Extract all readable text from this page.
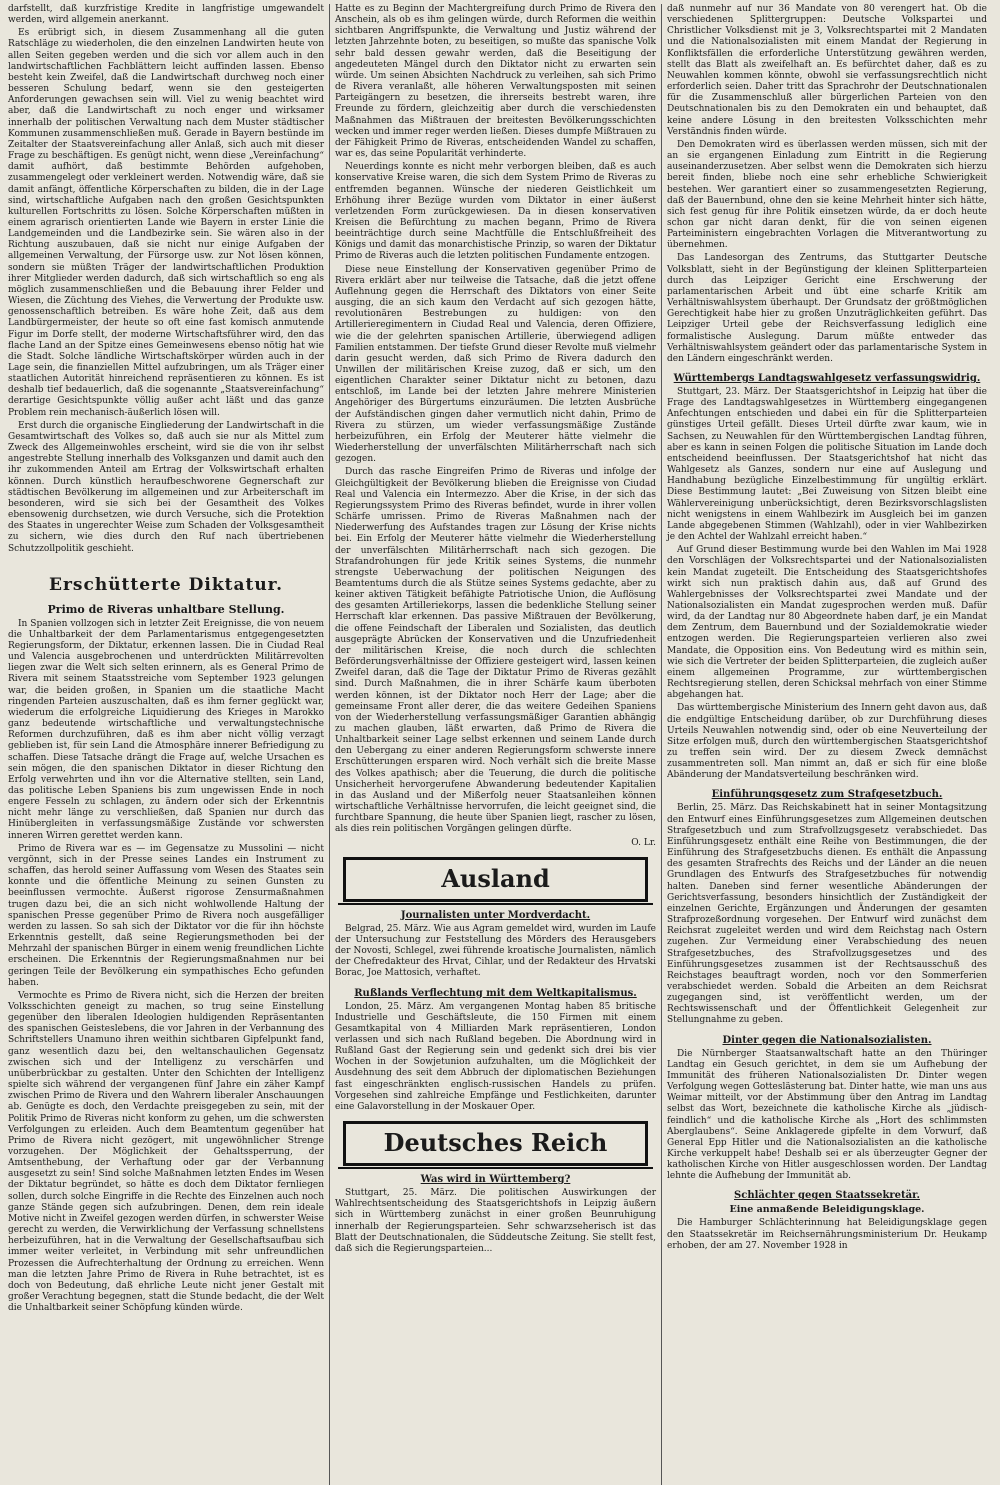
darfstellt, daß kurzfristige Kredite in langfristige umgewandelt werden, wird allgemein anerkannt.

Es erübrigt sich, in diesem Zusammenhang all die guten Ratschläge zu wiederholen, die den einzelnen Landwirten heute von allen Seiten gegeben werden und die sich vor allem auch in den landwirtschaftlichen Fachblättern leicht auffinden lassen. Ebenso besteht kein Zweifel, daß die Landwirtschaft durchweg noch einer besseren Schulung bedarf, wenn sie den gesteigerten Anforderungen gewachsen sein will. Viel zu wenig beachtet wird aber, daß die Landwirtschaft zu noch enger und wirksamer innerhalb der politischen Verwaltung nach dem Muster städtischer Kommunen zusammenschließen muß. Gerade in Bayern bestünde im Zeitalter der Staatsvereinfachung aller Anlaß, sich auch mit dieser Frage zu beschäftigen. Es genügt nicht, wenn diese „Vereinfachung“ damit aufhört, daß bestimmte Behörden aufgehoben, zusammengelegt oder verkleinert werden. Notwendig wäre, daß sie damit anfängt, öffentliche Körperschaften zu bilden, die in der Lage sind, wirtschaftliche Aufgaben nach den großen Gesichtspunkten kulturellen Fortschritts zu lösen. Solche Körperschaften müßten in einem agrarisch orientierten Lande wie Bayern in erster Linie die Landgemeinden und die Landbezirke sein. Sie wären also in der Richtung auszubauen, daß sie nicht nur einige Aufgaben der allgemeinen Verwaltung, der Fürsorge usw. zur Not lösen können, sondern sie müßten Träger der landwirtschaftlichen Produktion ihrer Mitglieder werden dadurch, daß sich wirtschaftlich so eng als möglich zusammenschließen und die Bebauung ihrer Felder und Wiesen, die Züchtung des Viehes, die Verwertung der Produkte usw. genossenschaftlich betreiben. Es wäre hohe Zeit, daß aus dem Landbürgermeister, der heute so oft eine fast komisch anmutende Figur im Dorfe stellt, der moderne Wirtschaftsführer wird, den das flache Land an der Spitze eines Gemeinwesens ebenso nötig hat wie die Stadt. Solche ländliche Wirtschaftskörper würden auch in der Lage sein, die finanziellen Mittel aufzubringen, um als Träger einer staatlichen Autorität hinreichend repräsentieren zu können. Es ist deshalb tief bedauerlich, daß die sogenannte „Staatsvereinfachung“ derartige Gesichtspunkte völlig außer acht läßt und das ganze Problem rein mechanisch-äußerlich lösen will.

Erst durch die organische Eingliederung der Landwirtschaft in die Gesamtwirtschaft des Volkes so, daß auch sie nur als Mittel zum Zweck des Allgemeinwohles erscheint, wird sie die von ihr selbst angestrebte Stellung innerhalb des Volksganzen und damit auch den ihr zukommenden Anteil am Ertrag der Volkswirtschaft erhalten können. Durch künstlich heraufbeschworene Gegnerschaft zur städtischen Bevölkerung im allgemeinen und zur Arbeiterschaft im besonderen, wird sie sich bei der Gesamtheit des Volkes ebensowenig durchsetzen, wie durch Versuche, sich die Protektion des Staates in ungerechter Weise zum Schaden der Volksgesamtheit zu sichern, wie dies durch den Ruf nach übertriebenen Schutzzollpolitik geschieht.

Erschütterte Diktatur.
Primo de Riveras unhaltbare Stellung.

In Spanien vollzogen sich in letzter Zeit Ereignisse, die von neuem die Unhaltbarkeit der dem Parlamentarismus entgegengesetzten Regierungsform, der Diktatur, erkennen lassen. Die in Ciudad Real und Valencia ausgebrochenen und unterdrückten Militärrevolten liegen zwar die Welt sich selten erinnern, als es General Primo de Rivera mit seinem Staatsstreiche vom September 1923 gelungen war, die beiden großen, in Spanien um die staatliche Macht ringenden Parteien auszuschalten, daß es ihm ferner geglückt war, wiederum die erfolgreiche Liquidierung des Krieges in Marokko ganz bedeutende wirtschaftliche und verwaltungstechnische Reformen durchzuführen, daß es ihm aber nicht völlig verzagt geblieben ist, für sein Land die Atmosphäre innerer Befriedigung zu schaffen. Diese Tatsache drängt die Frage auf, welche Ursachen es sein mögen, die den spanischen Diktator in dieser Richtung den Erfolg verwehrten und ihn vor die Alternative stellten, sein Land, das politische Leben Spaniens bis zum ungewissen Ende in noch engere Fesseln zu schlagen, zu ändern oder sich der Erkenntnis nicht mehr länge zu verschließen, daß Spanien nur durch das Hinübergleiten in verfassungsmäßige Zustände vor schwersten inneren Wirren gerettet werden kann.

Primo de Rivera war es — im Gegensatze zu Mussolini — nicht vergönnt, sich in der Presse seines Landes ein Instrument zu schaffen, das herold seiner Auffassung vom Wesen des Staates sein konnte und die öffentliche Meinung zu seinen Gunsten zu beeinflussen vermochte. Äußerst rigorose Zensurmaßnahmen trugen dazu bei, die an sich nicht wohlwollende Haltung der spanischen Presse gegenüber Primo de Rivera noch ausgefälliger werden zu lassen. So sah sich der Diktator vor die für ihn höchste Erkenntnis gestellt, daß seine Regierungsmethoden bei der Mehrzahl der spanischen Bürger in einem wenig freundlichen Lichte erscheinen. Die Erkenntnis der Regierungsmaßnahmen nur bei geringen Teile der Bevölkerung ein sympathisches Echo gefunden haben.

Vermochte es Primo de Rivera nicht, sich die Herzen der breiten Volksschichten geneigt zu machen, so trug seine Einstellung gegenüber den liberalen Ideologien huldigenden Repräsentanten des spanischen Geisteslebens, die vor Jahren in der Verbannung des Schriftstellers Unamuno ihren weithin sichtbaren Gipfelpunkt fand, ganz wesentlich dazu bei, den weltanschaulichen Gegensatz zwischen sich und der Intelligenz zu verschärfen und unüberbrückbar zu gestalten. Unter den Schichten der Intelligenz spielte sich während der vergangenen fünf Jahre ein zäher Kampf zwischen Primo de Rivera und den Wahrern liberaler Anschauungen ab. Genügte es doch, den Verdachte preisgegeben zu sein, mit der Politik Primo de Riveras nicht konform zu gehen, um die schwersten Verfolgungen zu erleiden. Auch dem Beamtentum gegenüber hat Primo de Rivera nicht gezögert, mit ungewöhnlicher Strenge vorzugehen. Der Möglichkeit der Gehaltssperrung, der Amtsenthebung, der Verhaftung oder gar der Verbannung ausgesetzt zu sein! Sind solche Maßnahmen letzten Endes im Wesen der Diktatur begründet, so hätte es doch dem Diktator fernliegen sollen, durch solche Eingriffe in die Rechte des Einzelnen auch noch ganze Stände gegen sich aufzubringen. Denen, dem rein ideale Motive nicht in Zweifel gezogen werden dürfen, in schwerster Weise gerecht zu werden, die Verwirklichung der Verfassung schnellstens herbeizuführen, hat in die Verwaltung der Gesellschaftsaufbau sich immer weiter verleitet, in Verbindung mit sehr unfreundlichen Prozessen die Aufrechterhaltung der Ordnung zu erreichen. Wenn man die letzten Jahre Primo de Rivera in Ruhe betrachtet, ist es doch von Bedeutung, daß ehrliche Leute nicht jener Gestalt mit großer Verachtung begegnen, statt die Stunde bedacht, die der Welt die Unhaltbarkeit seiner Schöpfung künden würde.

Hatte es zu Beginn der Machtergreifung durch Primo de Rivera den Anschein, als ob es ihm gelingen würde, durch Reformen die weithin sichtbaren Angriffspunkte, die Verwaltung und Justiz während der letzten Jahrzehnte boten, zu beseitigen, so mußte das spanische Volk sehr bald dessen gewahr werden, daß die Beseitigung der angedeuteten Mängel durch den Diktator nicht zu erwarten sein würde. Um seinen Absichten Nachdruck zu verleihen, sah sich Primo de Rivera veranlaßt, alle höheren Verwaltungsposten mit seinen Parteigängern zu besetzen, die ihrerseits bestrebt waren, ihre Freunde zu fördern, gleichzeitig aber durch die verschiedensten Maßnahmen das Mißtrauen der breitesten Bevölkerungsschichten wecken und immer reger werden ließen. Dieses dumpfe Mißtrauen zu der Fähigkeit Primo de Riveras, entscheidenden Wandel zu schaffen, war es, das seine Popularität verhinderte.

Neuerdings konnte es nicht mehr verborgen bleiben, daß es auch konservative Kreise waren, die sich dem System Primo de Riveras zu entfremden begannen. Wünsche der niederen Geistlichkeit um Erhöhung ihrer Bezüge wurden vom Diktator in einer äußerst verletzenden Form zurückgewiesen. Da in diesen konservativen Kreisen die Befürchtung zu machen begann, Primo de Rivera beeinträchtige durch seine Machtfülle die Entschlußfreiheit des Königs und damit das monarchistische Prinzip, so waren der Diktatur Primo de Riveras auch die letzten politischen Fundamente entzogen.

Diese neue Einstellung der Konservativen gegenüber Primo de Rivera erklärt aber nur teilweise die Tatsache, daß die jetzt offene Auflehnung gegen die Herrschaft des Diktators von einer Seite ausging, die an sich kaum den Verdacht auf sich gezogen hätte, revolutionären Bestrebungen zu huldigen: von den Artillerieregimentern in Ciudad Real und Valencia, deren Offiziere, wie die der gelehrten spanischen Artillerie, überwiegend adligen Familien entstammen. Der tiefste Grund dieser Revolte muß vielmehr darin gesucht werden, daß sich Primo de Rivera dadurch den Unwillen der militärischen Kreise zuzog, daß er sich, um den eigentlichen Charakter seiner Diktatur nicht zu betonen, dazu entschloß, im Lande bei der letzten Jahre mehrere Ministerien Angehöriger des Bürgertums einzuräumen. Die letzten Ausbrüche der Aufständischen gingen daher vermutlich nicht dahin, Primo de Rivera zu stürzen, um wieder verfassungsmäßige Zustände herbeizuführen, ein Erfolg der Meuterer hätte vielmehr die Wiederherstellung der unverfälschten Militärherrschaft nach sich gezogen.

Durch das rasche Eingreifen Primo de Riveras und infolge der Gleichgültigkeit der Bevölkerung blieben die Ereignisse von Ciudad Real und Valencia ein Intermezzo. Aber die Krise, in der sich das Regierungssystem Primo des Riveras befindet, wurde in ihrer vollen Schärfe umrissen. Primo de Riveras Maßnahmen nach der Niederwerfung des Aufstandes tragen zur Lösung der Krise nichts bei. Ein Erfolg der Meuterer hätte vielmehr die Wiederherstellung der unverfälschten Militärherrschaft nach sich gezogen. Die Strafandrohungen für jede Kritik seines Systems, die nunmehr strengste Ueberwachung der politischen Neigungen des Beamtentums durch die als Stütze seines Systems gedachte, aber zu keiner aktiven Tätigkeit befähigte Patriotische Union, die Auflösung des gesamten Artilleriekorps, lassen die bedenkliche Stellung seiner Herrschaft klar erkennen. Das passive Mißtrauen der Bevölkerung, die offene Feindschaft der Liberalen und Sozialisten, das deutlich ausgeprägte Abrücken der Konservativen und die Unzufriedenheit der militärischen Kreise, die noch durch die schlechten Beförderungsverhältnisse der Offiziere gesteigert wird, lassen keinen Zweifel daran, daß die Tage der Diktatur Primo de Riveras gezählt sind. Durch Maßnahmen, die in ihrer Schärfe kaum überboten werden können, ist der Diktator noch Herr der Lage; aber die gemeinsame Front aller derer, die das weitere Gedeihen Spaniens von der Wiederherstellung verfassungsmäßiger Garantien abhängig zu machen glauben, läßt erwarten, daß Primo de Rivera die Unhaltbarkeit seiner Lage selbst erkennen und seinem Lande durch den Uebergang zu einer anderen Regierungsform schwerste innere Erschütterungen ersparen wird. Noch verhält sich die breite Masse des Volkes apathisch; aber die Teuerung, die durch die politische Unsicherheit hervorgerufene Abwanderung bedeutender Kapitalien in das Ausland und der Mißerfolg neuer Staatsanleihen können wirtschaftliche Verhältnisse hervorrufen, die leicht geeignet sind, die furchtbare Spannung, die heute über Spanien liegt, rascher zu lösen, als dies rein politischen Vorgängen gelingen dürfte.

O. Lr.

Ausland
Journalisten unter Mordverdacht.

Belgrad, 25. März. Wie aus Agram gemeldet wird, wurden im Laufe der Untersuchung zur Feststellung des Mörders des Herausgebers der Novosti, Schlegel, zwei führende kroatische Journalisten, nämlich der Chefredakteur des Hrvat, Cihlar, und der Redakteur des Hrvatski Borac, Joe Mattosich, verhaftet.

Rußlands Verflechtung mit dem Weltkapitalismus.

London, 25. März. Am vergangenen Montag haben 85 britische Industrielle und Geschäftsleute, die 150 Firmen mit einem Gesamtkapital von 4 Milliarden Mark repräsentieren, London verlassen und sich nach Rußland begeben. Die Abordnung wird in Rußland Gast der Regierung sein und gedenkt sich drei bis vier Wochen in der Sowjetunion aufzuhalten, um die Möglichkeit der Ausdehnung des seit dem Abbruch der diplomatischen Beziehungen fast eingeschränkten englisch-russischen Handels zu prüfen. Vorgesehen sind zahlreiche Empfänge und Festlichkeiten, darunter eine Galavorstellung in der Moskauer Oper.

Deutsches Reich
Was wird in Württemberg?

Stuttgart, 25. März. Die politischen Auswirkungen der Wahlrechtsentscheidung des Staatsgerichtshofs in Leipzig äußern sich in Württemberg zunächst in einer großen Beunruhigung innerhalb der Regierungsparteien. Sehr schwarzseherisch ist das Blatt der Deutschnationalen, die Süddeutsche Zeitung. Sie stellt fest, daß sich die Regierungsparteien...

daß nunmehr auf nur 36 Mandate von 80 verengert hat. Ob die verschiedenen Splittergruppen: Deutsche Volkspartei und Christlicher Volksdienst mit je 3, Volksrechtspartei mit 2 Mandaten und die Nationalsozialisten mit einem Mandat der Regierung in Konfliktsfällen die erforderliche Unterstützung gewähren werden, stellt das Blatt als zweifelhaft an. Es befürchtet daher, daß es zu Neuwahlen kommen könnte, obwohl sie verfassungsrechtlich nicht erforderlich seien. Daher tritt das Sprachrohr der Deutschnationalen für die Zusammenschluß aller bürgerlichen Parteien von den Deutschnationalen bis zu den Demokraten ein und behauptet, daß keine andere Lösung in den breitesten Volksschichten mehr Verständnis finden würde.

Den Demokraten wird es überlassen werden müssen, sich mit der an sie ergangenen Einladung zum Eintritt in die Regierung auseinanderzusetzen. Aber selbst wenn die Demokraten sich hierzu bereit finden, bliebe noch eine sehr erhebliche Schwierigkeit bestehen. Wer garantiert einer so zusammengesetzten Regierung, daß der Bauernbund, ohne den sie keine Mehrheit hinter sich hätte, sich fest genug für ihre Politik einsetzen würde, da er doch heute schon gar nicht daran denkt, für die von seinen eigenen Parteiministern eingebrachten Vorlagen die Mitverantwortung zu übernehmen.

Das Landesorgan des Zentrums, das Stuttgarter Deutsche Volksblatt, sieht in der Begünstigung der kleinen Splitterparteien durch das Leipziger Gericht eine Erschwerung der parlamentarischen Arbeit und übt eine scharfe Kritik am Verhältniswahlsystem überhaupt. Der Grundsatz der größtmöglichen Gerechtigkeit habe hier zu großen Unzuträglichkeiten geführt. Das Leipziger Urteil gebe der Reichsverfassung lediglich eine formalistische Auslegung. Darum müßte entweder das Verhältniswahlsystem geändert oder das parlamentarische System in den Ländern eingeschränkt werden.

Württembergs Landtagswahlgesetz verfassungswidrig.

Stuttgart, 23. März. Der Staatsgerichtshof in Leipzig hat über die Frage des Landtagswahlgesetzes in Württemberg eingegangenen Anfechtungen entschieden und dabei ein für die Splitterparteien günstiges Urteil gefällt. Dieses Urteil dürfte zwar kaum, wie in Sachsen, zu Neuwahlen für den Württembergischen Landtag führen, aber es kann in seinen Folgen die politische Situation im Lande doch entscheidend beeinflussen. Der Staatsgerichtshof hat nicht das Wahlgesetz als Ganzes, sondern nur eine auf Auslegung und Handhabung bezügliche Einzelbestimmung für ungültig erklärt. Diese Bestimmung lautet: „Bei Zuweisung von Sitzen bleibt eine Wählervereinigung unberücksichtigt, deren Bezirksvorschlagslisten nicht wenigstens in einem Wahlbezirk im Ausgleich bei im ganzen Lande abgegebenen Stimmen (Wahlzahl), oder in vier Wahlbezirken je den Achtel der Wahlzahl erreicht haben.“

Auf Grund dieser Bestimmung wurde bei den Wahlen im Mai 1928 den Vorschlägen der Volksrechtspartei und der Nationalsozialisten kein Mandat zugeteilt. Die Entscheidung des Staatsgerichtshofes wirkt sich nun praktisch dahin aus, daß auf Grund des Wahlergebnisses der Volksrechtspartei zwei Mandate und der Nationalsozialisten ein Mandat zugesprochen werden muß. Dafür wird, da der Landtag nur 80 Abgeordnete haben darf, je ein Mandat dem Zentrum, dem Bauernbund und der Sozialdemokratie wieder entzogen werden. Die Regierungsparteien verlieren also zwei Mandate, die Opposition eins. Von Bedeutung wird es mithin sein, wie sich die Vertreter der beiden Splitterparteien, die zugleich außer einem allgemeinen Programme, zur württembergischen Rechtsregierung stellen, deren Schicksal mehrfach von einer Stimme abgehangen hat.

Das württembergische Ministerium des Innern geht davon aus, daß die endgültige Entscheidung darüber, ob zur Durchführung dieses Urteils Neuwahlen notwendig sind, oder ob eine Neuverteilung der Sitze erfolgen muß, durch den württembergischen Staatsgerichtshof zu treffen sein wird. Der zu diesem Zweck demnächst zusammentreten soll. Man nimmt an, daß er sich für eine bloße Abänderung der Mandatsverteilung beschränken wird.

Einführungsgesetz zum Strafgesetzbuch.

Berlin, 25. März. Das Reichskabinett hat in seiner Montagsitzung den Entwurf eines Einführungsgesetzes zum Allgemeinen deutschen Strafgesetzbuch und zum Strafvollzugsgesetz verabschiedet. Das Einführungsgesetz enthält eine Reihe von Bestimmungen, die der Einführung des Strafgesetzbuchs dienen. Es enthält die Anpassung des gesamten Strafrechts des Reichs und der Länder an die neuen Grundlagen des Entwurfs des Strafgesetzbuches für notwendig halten. Daneben sind ferner wesentliche Abänderungen der Gerichtsverfassung, besonders hinsichtlich der Zuständigkeit der einzelnen Gerichte, Ergänzungen und Änderungen der gesamten Strafprozeßordnung vorgesehen. Der Entwurf wird zunächst dem Reichsrat zugeleitet werden und wird dem Reichstag nach Ostern zugehen. Zur Vermeidung einer Verabschiedung des neuen Strafgesetzbuches, des Strafvollzugsgesetzes und des Einführungsgesetzes zusammen ist der Rechtsausschuß des Reichstages beauftragt worden, noch vor den Sommerferien verabschiedet werden. Sobald die Arbeiten an dem Reichsrat zugegangen sind, ist veröffentlicht werden, um der Rechtswissenschaft und der Öffentlichkeit Gelegenheit zur Stellungnahme zu geben.

Dinter gegen die Nationalsozialisten.

Die Nürnberger Staatsanwaltschaft hatte an den Thüringer Landtag ein Gesuch gerichtet, in dem sie um Aufhebung der Immunität des früheren Nationalsozialisten Dr. Dinter wegen Verfolgung wegen Gotteslästerung bat. Dinter hatte, wie man uns aus Weimar mitteilt, vor der Abstimmung über den Antrag im Landtag selbst das Wort, bezeichnete die katholische Kirche als „jüdisch-feindlich“ und die katholische Kirche als „Hort des schlimmsten Aberglaubens“. Seine Anklagerede gipfelte in dem Vorwurf, daß General Epp Hitler und die Nationalsozialisten an die katholische Kirche verkuppelt habe! Deshalb sei er als überzeugter Gegner der katholischen Kirche von Hitler ausgeschlossen worden. Der Landtag lehnte die Aufhebung der Immunität ab.

Schlächter gegen Staatssekretär.
Eine anmaßende Beleidigungsklage.

Die Hamburger Schlächterinnung hat Beleidigungsklage gegen den Staatssekretär im Reichsernährungsministerium Dr. Heukamp erhoben, der am 27. November 1928 in
